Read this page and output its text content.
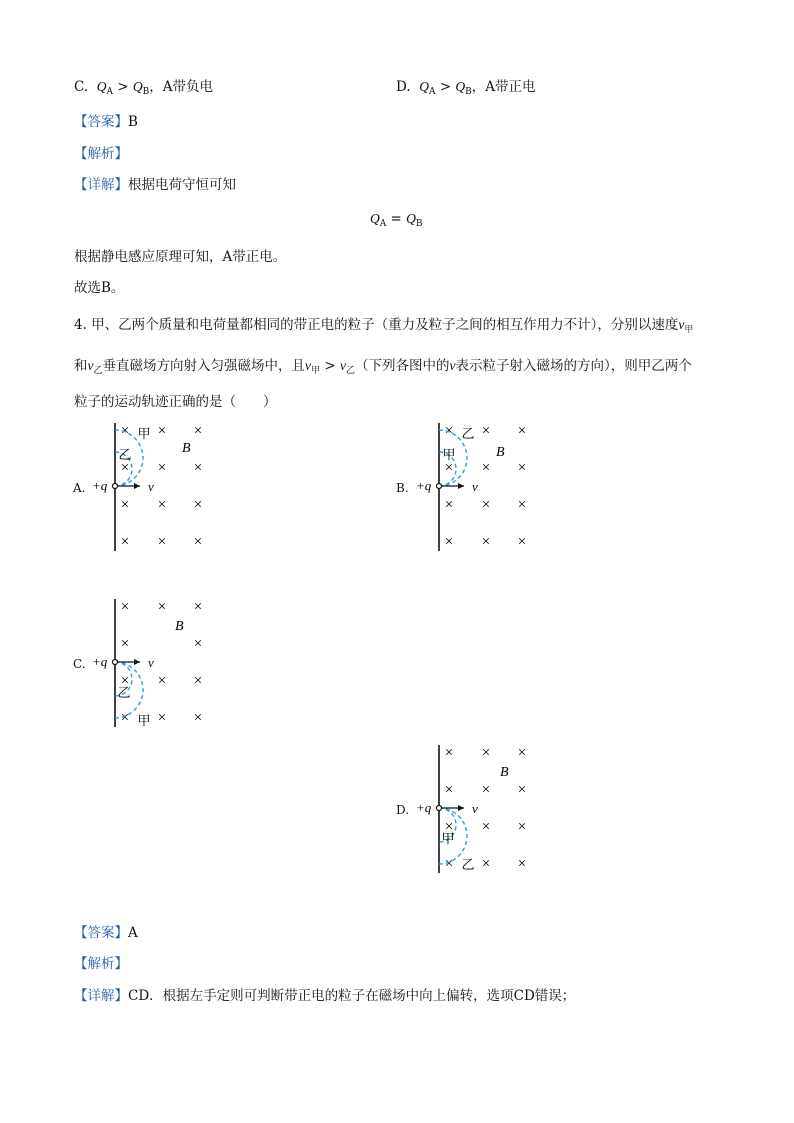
C. $Q_A > Q_B$，A带负电	D. $Q_A > Q_B$，A带正电
【答案】B
【解析】
【详解】根据电荷守恒可知
$Q_A = Q_B$
根据静电感应原理可知，A带正电。
故选B。
4. 甲、乙两个质量和电荷量都相同的带正电的粒子（重力及粒子之间的相互作用力不计），分别以速度$v_甲$
和$v_乙$垂直磁场方向射入匀强磁场中，且$v_甲 > v_乙$（下列各图中的v表示粒子射入磁场的方向），则甲乙两个
粒子的运动轨迹正确的是（　　）
A.	B.
C.
D.
× × ×
× × ×
× × ×
× × ×
甲
乙	B
+q	v
× × ×
× × ×
× × ×
× × ×
乙
甲	B
+q	v
× × ×
×	×
× × ×
× × ×
乙
甲
B
+q	v
× × ×
× × ×
× × ×
× × ×
甲
乙
B
+q	v
【答案】A
【解析】
【详解】CD．根据左手定则可判断带正电的粒子在磁场中向上偏转，选项CD错误；
